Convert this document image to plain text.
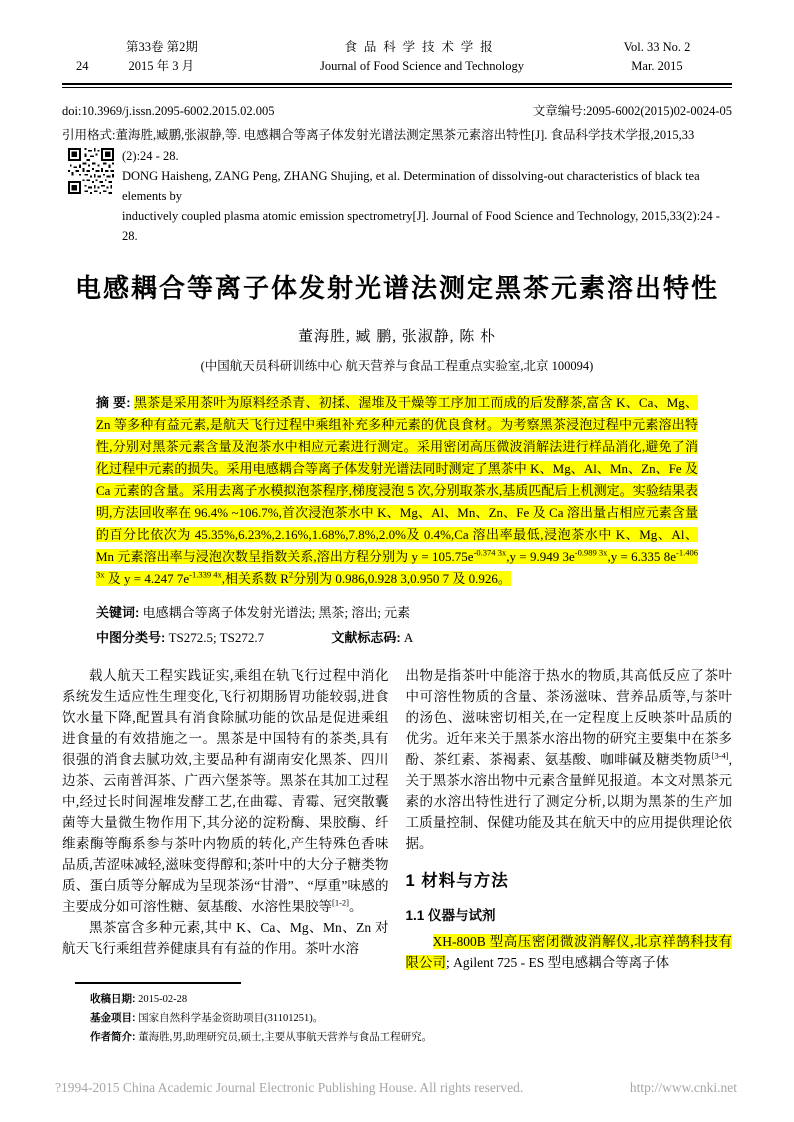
第33卷 第2期	食品科学技术学报	Vol. 33 No. 2
24	2015 年 3 月	Journal of Food Science and Technology	Mar. 2015
doi:10.3969/j.issn.2095-6002.2015.02.005	文章编号:2095-6002(2015)02-0024-05
引用格式:董海胜,臧鹏,张淑静,等. 电感耦合等离子体发射光谱法测定黑茶元素溶出特性[J]. 食品科学技术学报,2015,33
(2):24 - 28.
DONG Haisheng, ZANG Peng, ZHANG Shujing, et al. Determination of dissolving-out characteristics of black tea elements by
inductively coupled plasma atomic emission spectrometry[J]. Journal of Food Science and Technology, 2015,33(2):24 - 28.
电感耦合等离子体发射光谱法测定黑茶元素溶出特性
董海胜, 臧 鹏, 张淑静, 陈 朴
(中国航天员科研训练中心 航天营养与食品工程重点实验室,北京 100094)
摘 要: 黑茶是采用茶叶为原料经杀青、初揉、渥堆及干燥等工序加工而成的后发酵茶,富含 K、Ca、Mg、Zn 等多种有益元素,是航天飞行过程中乘组补充多种元素的优良食材。为考察黑茶浸泡过程中元素溶出特性,分别对黑茶元素含量及泡茶水中相应元素进行测定。采用密闭高压微波消解法进行样品消化,避免了消化过程中元素的损失。采用电感耦合等离子体发射光谱法同时测定了黑茶中 K、Mg、Al、Mn、Zn、Fe 及 Ca 元素的含量。采用去离子水模拟泡茶程序,梯度浸泡 5 次,分别取茶水,基质匹配后上机测定。实验结果表明,方法回收率在 96.4% ~106.7%,首次浸泡茶水中 K、Mg、Al、Mn、Zn、Fe 及 Ca 溶出量占相应元素含量的百分比依次为 45.35%,6.23%,2.16%,1.68%,7.8%,2.0%及 0.4%,Ca 溶出率最低,浸泡茶水中 K、Mg、Al、Mn 元素溶出率与浸泡次数呈指数关系,溶出方程分别为 $y = 105.75e^{-0.374 3x},y = 9.949$ $3e^{-0.989 3x},y = 6.335$ $8e^{-1.406 3x}$ 及 y = 4.247 $7e^{-1.339 4x}$,相关系数 $R^2$分别为 0.986,0.928 3,0.950 7 及 0.926。
关键词: 电感耦合等离子体发射光谱法; 黑茶; 溶出; 元素
中图分类号: TS272.5; TS272.7	文献标志码: A

载人航天工程实践证实,乘组在轨飞行过程中消化系统发生适应性生理变化,飞行初期肠胃功能较弱,进食饮水量下降,配置具有消食除腻功能的饮品是促进乘组进食量的有效措施之一。黑茶是中国特有的茶类,具有很强的消食去腻功效,主要品种有湖南安化黑茶、四川边茶、云南普洱茶、广西六堡茶等。黑茶在其加工过程中,经过长时间渥堆发酵工艺,在曲霉、青霉、冠突散囊菌等大量微生物作用下,其分泌的淀粉酶、果胶酶、纤维素酶等酶系参与茶叶内物质的转化,产生特殊色香味品质,苦涩味减轻,滋味变得醇和;茶叶中的大分子糖类物质、蛋白质等分解成为呈现茶汤“甘滑”、“厚重”味感的主要成分如可溶性糖、氨基酸、水溶性果胶等[1-2]。

黑茶富含多种元素,其中 K、Ca、Mg、Mn、Zn 对航天飞行乘组营养健康具有有益的作用。茶叶水溶

出物是指茶叶中能溶于热水的物质,其高低反应了茶叶中可溶性物质的含量、茶汤滋味、营养品质等,与茶叶的汤色、滋味密切相关,在一定程度上反映茶叶品质的优劣。近年来关于黑茶水溶出物的研究主要集中在茶多酚、茶红素、茶褐素、氨基酸、咖啡碱及糖类物质[3-4],关于黑茶水溶出物中元素含量鲜见报道。本文对黑茶元素的水溶出特性进行了测定分析,以期为黑茶的生产加工质量控制、保健功能及其在航天中的应用提供理论依据。

1 材料与方法
1.1 仪器与试剂

XH-800B 型高压密闭微波消解仪,北京祥鹄科技有限公司; Agilent 725 - ES 型电感耦合等离子体

收稿日期: 2015-02-28
基金项目: 国家自然科学基金资助项目(31101251)。
作者简介: 董海胜,男,助理研究员,硕士,主要从事航天营养与食品工程研究。
?1994-2015 China Academic Journal Electronic Publishing House. All rights reserved.	http://www.cnki.net
